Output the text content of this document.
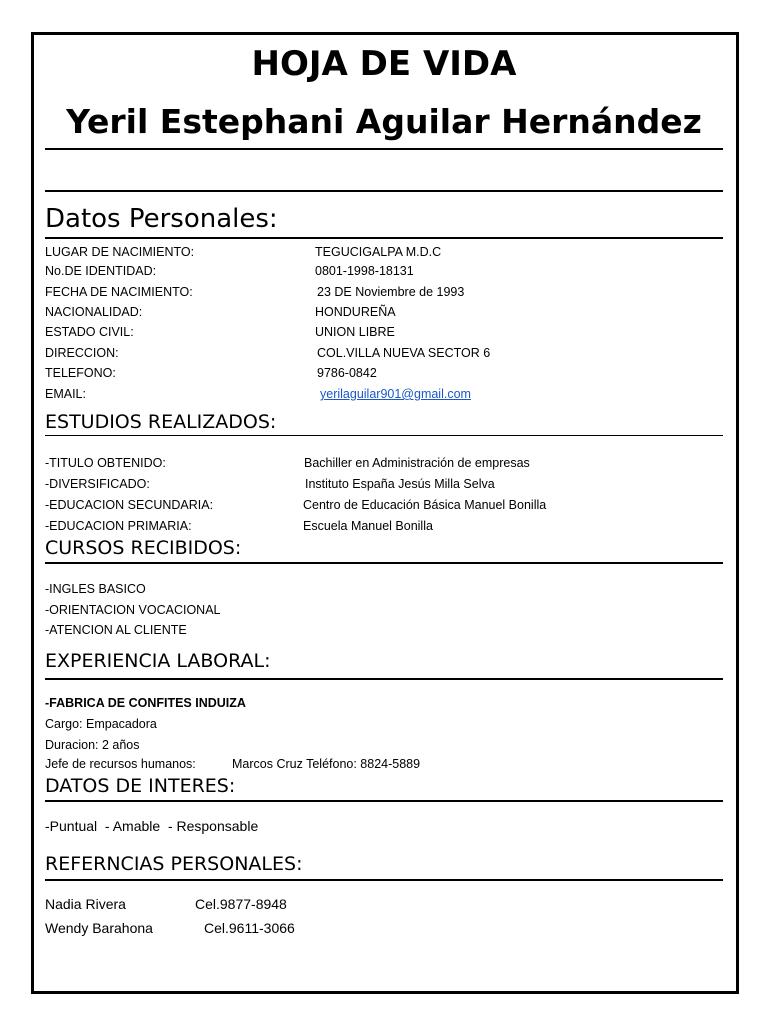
HOJA DE VIDA
Yeril Estephani Aguilar Hernández
Datos Personales:
LUGAR DE NACIMIENTO:	TEGUCIGALPA M.D.C
No.DE IDENTIDAD:	0801-1998-18131
FECHA DE NACIMIENTO:	23 DE Noviembre de 1993
NACIONALIDAD:	HONDUREÑA
ESTADO CIVIL:	UNION LIBRE
DIRECCION:	COL.VILLA NUEVA SECTOR 6
TELEFONO:	9786-0842
EMAIL:	yerilaguilar901@gmail.com
ESTUDIOS REALIZADOS:
-TITULO OBTENIDO:	Bachiller en Administración de empresas
-DIVERSIFICADO:	Instituto España Jesús Milla Selva
-EDUCACION SECUNDARIA:	Centro de Educación Básica Manuel Bonilla
-EDUCACION PRIMARIA:	Escuela Manuel Bonilla
CURSOS RECIBIDOS:
-INGLES BASICO
-ORIENTACION VOCACIONAL
-ATENCION AL CLIENTE
EXPERIENCIA LABORAL:
-FABRICA DE CONFITES INDUIZA
Cargo: Empacadora
Duracion: 2 años
Jefe de recursos humanos:	Marcos Cruz Teléfono: 8824-5889
DATOS DE INTERES:
-Puntual  - Amable  - Responsable
REFERNCIAS PERSONALES:
Nadia Rivera	Cel.9877-8948
Wendy Barahona	Cel.9611-3066
